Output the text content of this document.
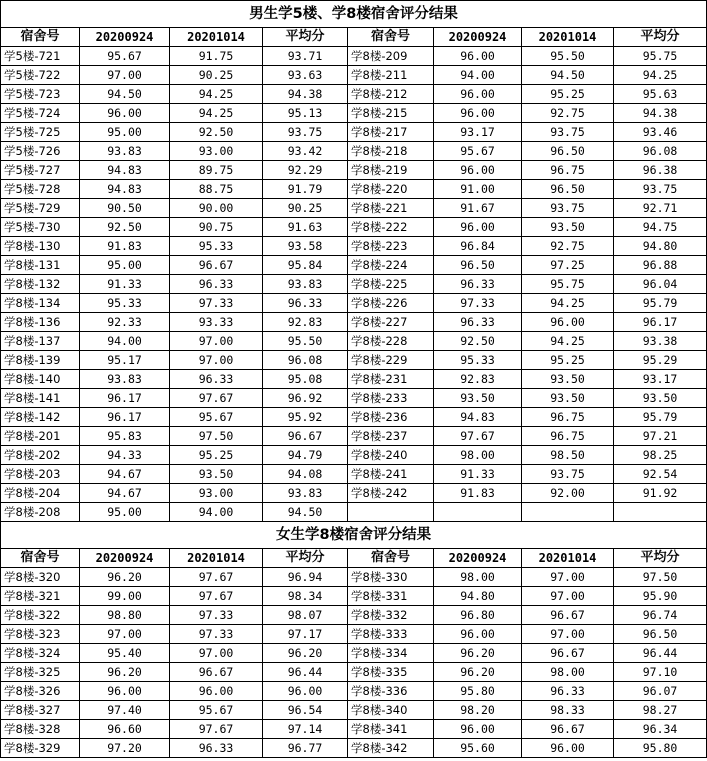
男生学5楼、学8楼宿舍评分结果							
宿舍号	20200924	20201014	平均分	宿舍号	20200924	20201014	平均分
学5楼-721	95.67	91.75	93.71	学8楼-209	96.00	95.50	95.75
学5楼-722	97.00	90.25	93.63	学8楼-211	94.00	94.50	94.25
学5楼-723	94.50	94.25	94.38	学8楼-212	96.00	95.25	95.63
学5楼-724	96.00	94.25	95.13	学8楼-215	96.00	92.75	94.38
学5楼-725	95.00	92.50	93.75	学8楼-217	93.17	93.75	93.46
学5楼-726	93.83	93.00	93.42	学8楼-218	95.67	96.50	96.08
学5楼-727	94.83	89.75	92.29	学8楼-219	96.00	96.75	96.38
学5楼-728	94.83	88.75	91.79	学8楼-220	91.00	96.50	93.75
学5楼-729	90.50	90.00	90.25	学8楼-221	91.67	93.75	92.71
学5楼-730	92.50	90.75	91.63	学8楼-222	96.00	93.50	94.75
学8楼-130	91.83	95.33	93.58	学8楼-223	96.84	92.75	94.80
学8楼-131	95.00	96.67	95.84	学8楼-224	96.50	97.25	96.88
学8楼-132	91.33	96.33	93.83	学8楼-225	96.33	95.75	96.04
学8楼-134	95.33	97.33	96.33	学8楼-226	97.33	94.25	95.79
学8楼-136	92.33	93.33	92.83	学8楼-227	96.33	96.00	96.17
学8楼-137	94.00	97.00	95.50	学8楼-228	92.50	94.25	93.38
学8楼-139	95.17	97.00	96.08	学8楼-229	95.33	95.25	95.29
学8楼-140	93.83	96.33	95.08	学8楼-231	92.83	93.50	93.17
学8楼-141	96.17	97.67	96.92	学8楼-233	93.50	93.50	93.50
学8楼-142	96.17	95.67	95.92	学8楼-236	94.83	96.75	95.79
学8楼-201	95.83	97.50	96.67	学8楼-237	97.67	96.75	97.21
学8楼-202	94.33	95.25	94.79	学8楼-240	98.00	98.50	98.25
学8楼-203	94.67	93.50	94.08	学8楼-241	91.33	93.75	92.54
学8楼-204	94.67	93.00	93.83	学8楼-242	91.83	92.00	91.92
学8楼-208	95.00	94.00	94.50				
女生学8楼宿舍评分结果							
宿舍号	20200924	20201014	平均分	宿舍号	20200924	20201014	平均分
学8楼-320	96.20	97.67	96.94	学8楼-330	98.00	97.00	97.50
学8楼-321	99.00	97.67	98.34	学8楼-331	94.80	97.00	95.90
学8楼-322	98.80	97.33	98.07	学8楼-332	96.80	96.67	96.74
学8楼-323	97.00	97.33	97.17	学8楼-333	96.00	97.00	96.50
学8楼-324	95.40	97.00	96.20	学8楼-334	96.20	96.67	96.44
学8楼-325	96.20	96.67	96.44	学8楼-335	96.20	98.00	97.10
学8楼-326	96.00	96.00	96.00	学8楼-336	95.80	96.33	96.07
学8楼-327	97.40	95.67	96.54	学8楼-340	98.20	98.33	98.27
学8楼-328	96.60	97.67	97.14	学8楼-341	96.00	96.67	96.34
学8楼-329	97.20	96.33	96.77	学8楼-342	95.60	96.00	95.80
